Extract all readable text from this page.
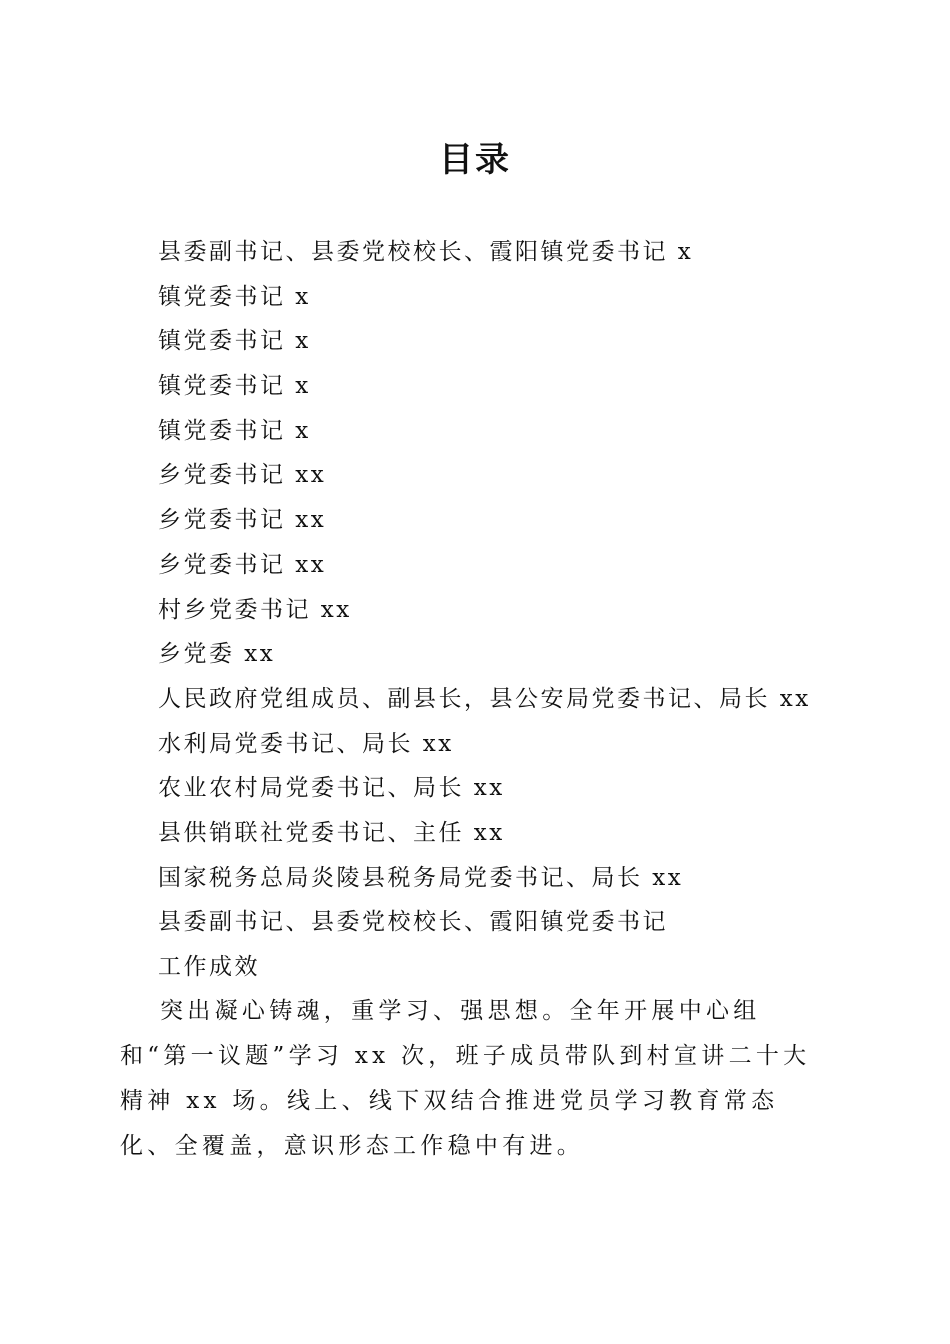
目录
县委副书记、县委党校校长、霞阳镇党委书记 x
镇党委书记 x
镇党委书记 x
镇党委书记 x
镇党委书记 x
乡党委书记 xx
乡党委书记 xx
乡党委书记 xx
村乡党委书记 xx
乡党委 xx
人民政府党组成员、副县长，县公安局党委书记、局长 xx
水利局党委书记、局长 xx
农业农村局党委书记、局长 xx
县供销联社党委书记、主任 xx
国家税务总局炎陵县税务局党委书记、局长 xx
县委副书记、县委党校校长、霞阳镇党委书记
工作成效

突出凝心铸魂，重学习、强思想。全年开展中心组和“第一议题”学习 xx 次，班子成员带队到村宣讲二十大精神 xx 场。线上、线下双结合推进党员学习教育常态化、全覆盖，意识形态工作稳中有进。
